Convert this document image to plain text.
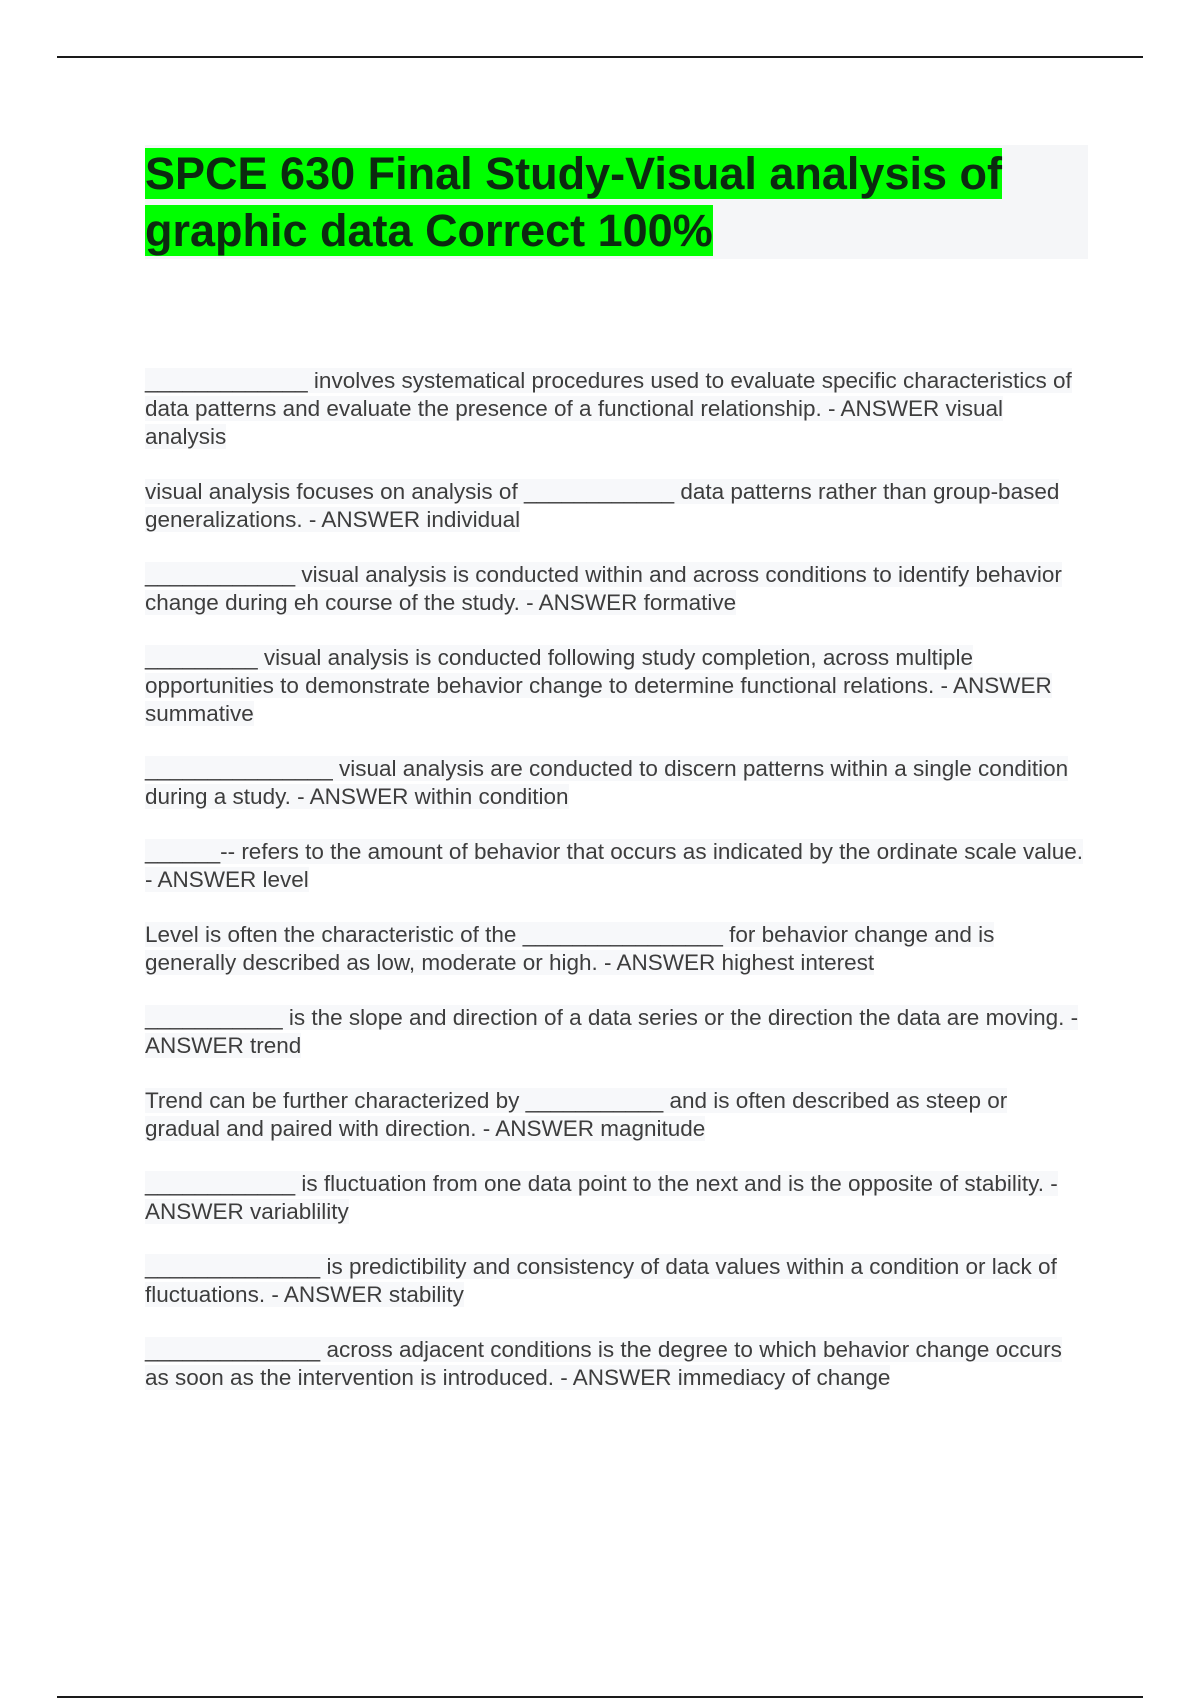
SPCE 630 Final Study-Visual analysis of graphic data Correct 100%

_____________ involves systematical procedures used to evaluate specific characteristics of data patterns and evaluate the presence of a functional relationship. - ANSWER visual analysis

visual analysis focuses on analysis of ____________ data patterns rather than group-based generalizations. - ANSWER individual

____________ visual analysis is conducted within and across conditions to identify behavior change during eh course of the study. - ANSWER formative

_________ visual analysis is conducted following study completion, across multiple opportunities to demonstrate behavior change to determine functional relations. - ANSWER summative

_______________ visual analysis are conducted to discern patterns within a single condition during a study. - ANSWER within condition

______-- refers to the amount of behavior that occurs as indicated by the ordinate scale value. - ANSWER level

Level is often the characteristic of the ________________ for behavior change and is generally described as low, moderate or high. - ANSWER highest interest

___________ is the slope and direction of a data series or the direction the data are moving. - ANSWER trend

Trend can be further characterized by ___________ and is often described as steep or gradual and paired with direction. - ANSWER magnitude

____________ is fluctuation from one data point to the next and is the opposite of stability. - ANSWER variablility

______________ is predictibility and consistency of data values within a condition or lack of fluctuations. - ANSWER stability

______________ across adjacent conditions is the degree to which behavior change occurs as soon as the intervention is introduced. - ANSWER immediacy of change
